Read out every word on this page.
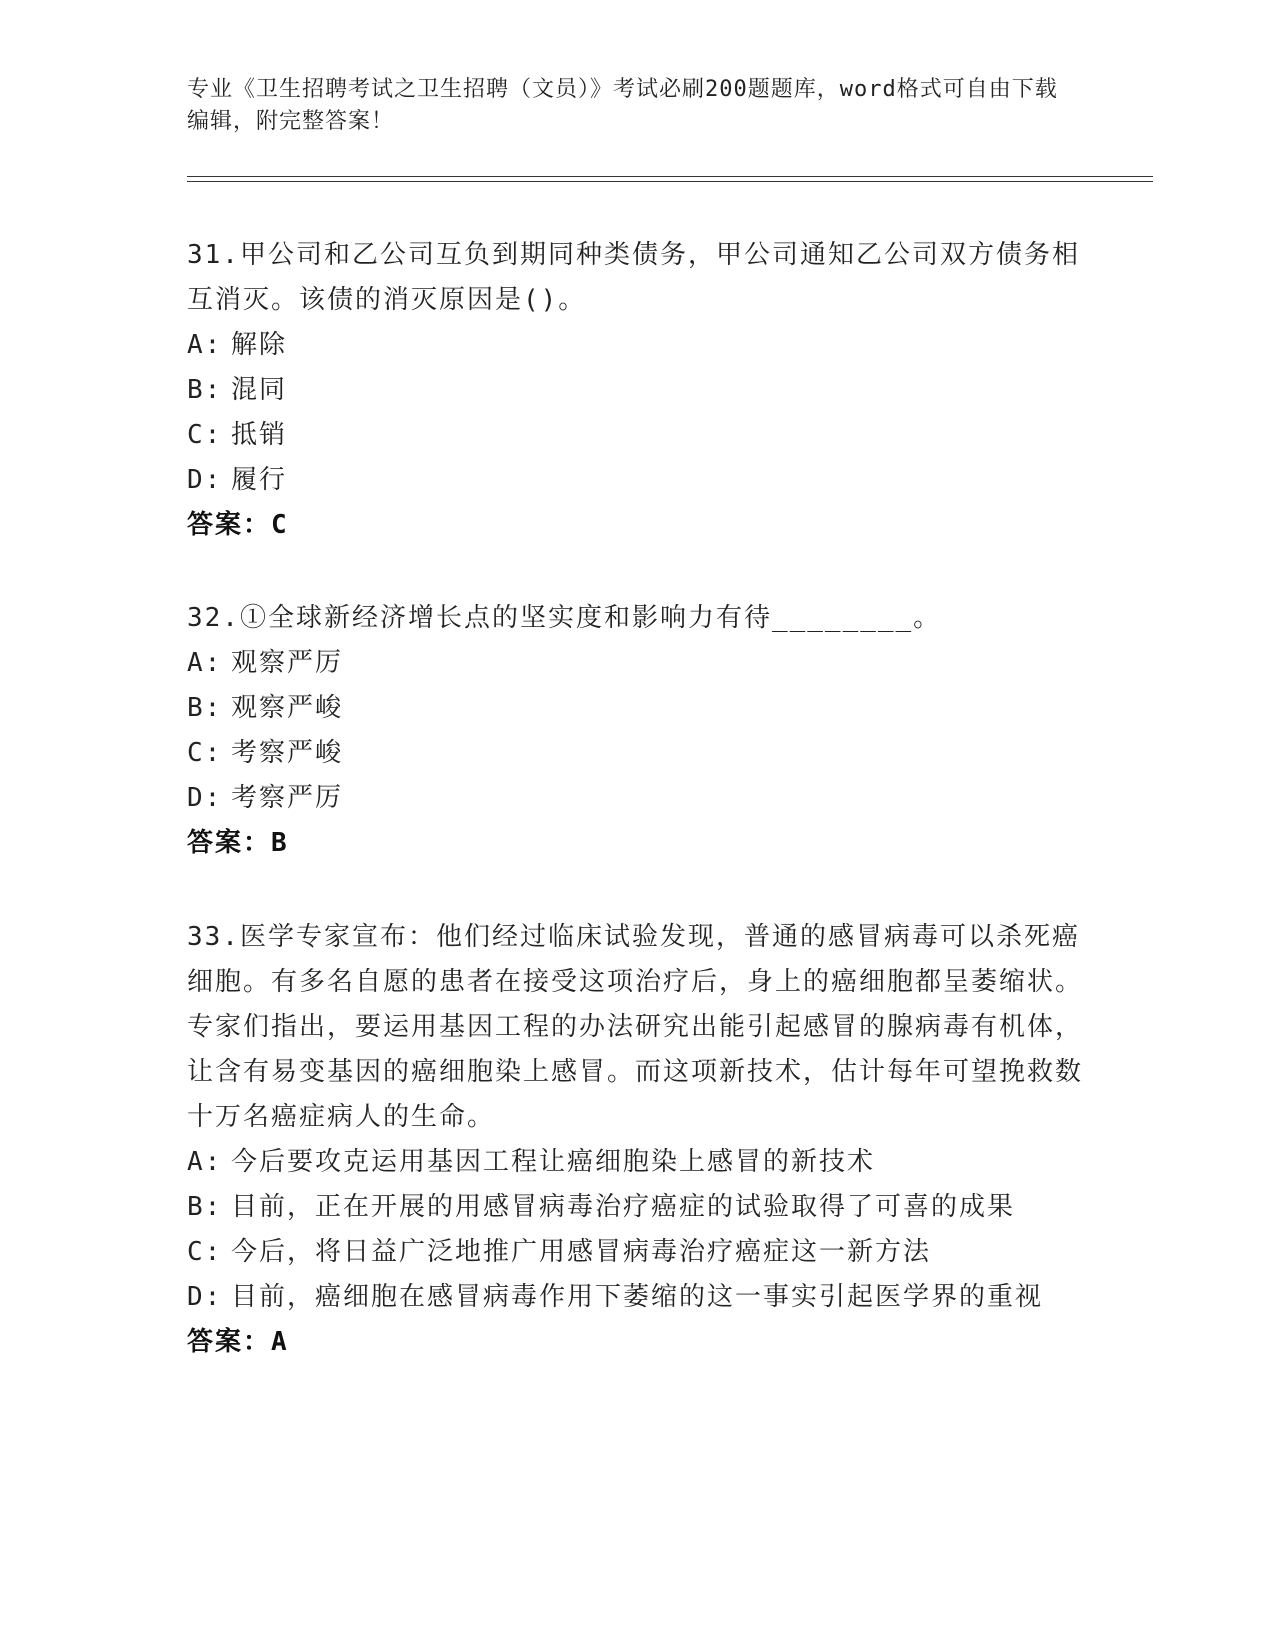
专业《卫生招聘考试之卫生招聘（文员）》考试必刷200题题库，word格式可自由下载编辑，附完整答案！

31.甲公司和乙公司互负到期同种类债务，甲公司通知乙公司双方债务相互消灭。该债的消灭原因是()。

A: 解除

B: 混同

C: 抵销

D: 履行

答案：C

32.①全球新经济增长点的坚实度和影响力有待________。

A: 观察严厉

B: 观察严峻

C: 考察严峻

D: 考察严厉

答案：B

33.医学专家宣布：他们经过临床试验发现，普通的感冒病毒可以杀死癌细胞。有多名自愿的患者在接受这项治疗后，身上的癌细胞都呈萎缩状。专家们指出，要运用基因工程的办法研究出能引起感冒的腺病毒有机体，让含有易变基因的癌细胞染上感冒。而这项新技术，估计每年可望挽救数十万名癌症病人的生命。

A: 今后要攻克运用基因工程让癌细胞染上感冒的新技术

B: 目前，正在开展的用感冒病毒治疗癌症的试验取得了可喜的成果

C: 今后，将日益广泛地推广用感冒病毒治疗癌症这一新方法

D: 目前，癌细胞在感冒病毒作用下萎缩的这一事实引起医学界的重视

答案：A
